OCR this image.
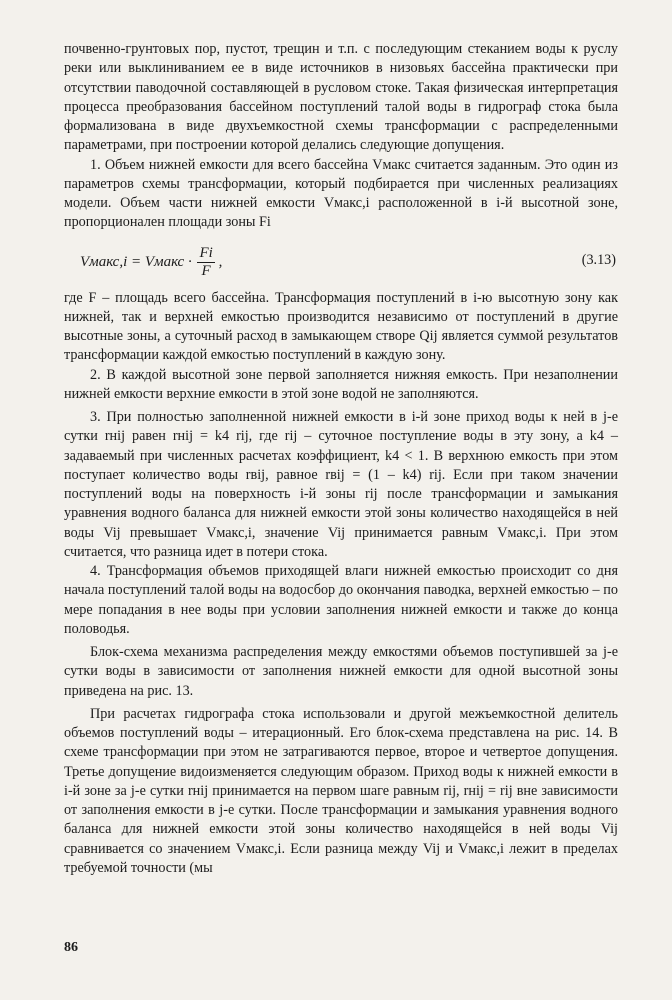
почвенно-грунтовых пор, пустот, трещин и т.п. с последующим стеканием воды к руслу реки или выклиниванием ее в виде источников в низовьях бассейна практически при отсутствии паводочной составляющей в русловом стоке. Такая физическая интерпретация процесса преобразования бассейном поступлений талой воды в гидрограф стока была формализована в виде двухъемкостной схемы трансформации с распределенными параметрами, при построении которой делались следующие допущения.

1. Объем нижней емкости для всего бассейна Vмакс считается заданным. Это один из параметров схемы трансформации, который подбирается при численных реализациях модели. Объем части нижней емкости Vмакс,i расположенной в i-й высотной зоне, пропорционален площади зоны Fi

Vмакс,i = Vмакс · $\frac{Fi}{F}$ ,	(3.13)

где F – площадь всего бассейна. Трансформация поступлений в i-ю высотную зону как нижней, так и верхней емкостью производится независимо от поступлений в другие высотные зоны, а суточный расход в замыкающем створе Qij является суммой результатов трансформации каждой емкостью поступлений в каждую зону.

2. В каждой высотной зоне первой заполняется нижняя емкость. При незаполнении нижней емкости верхние емкости в этой зоне водой не заполняются.

3. При полностью заполненной нижней емкости в i-й зоне приход воды к ней в j-е сутки rнij равен rнij = k4 rij, где rij – суточное поступление воды в эту зону, а k4 – задаваемый при численных расчетах коэффициент, k4 < 1. В верхнюю емкость при этом поступает количество воды rвij, равное rвij = (1 – k4) rij. Если при таком значении поступлений воды на поверхность i-й зоны rij после трансформации и замыкания уравнения водного баланса для нижней емкости этой зоны количество находящейся в ней воды Vij превышает Vмакс,i, значение Vij принимается равным Vмакс,i. При этом считается, что разница идет в потери стока.

4. Трансформация объемов приходящей влаги нижней емкостью происходит со дня начала поступлений талой воды на водосбор до окончания паводка, верхней емкостью – по мере попадания в нее воды при условии заполнения нижней емкости и также до конца половодья.

Блок-схема механизма распределения между емкостями объемов поступившей за j-е сутки воды в зависимости от заполнения нижней емкости для одной высотной зоны приведена на рис. 13.

При расчетах гидрографа стока использовали и другой межъемкостной делитель объемов поступлений воды – итерационный. Его блок-схема представлена на рис. 14. В схеме трансформации при этом не затрагиваются первое, второе и четвертое допущения. Третье допущение видоизменяется следующим образом. Приход воды к нижней емкости в i-й зоне за j-е сутки rнij принимается на первом шаге равным rij, rнij = rij вне зависимости от заполнения емкости в j-е сутки. После трансформации и замыкания уравнения водного баланса для нижней емкости этой зоны количество находящейся в ней воды Vij сравнивается со значением Vмакс,i. Если разница между Vij и Vмакс,i лежит в пределах требуемой точности (мы

86
